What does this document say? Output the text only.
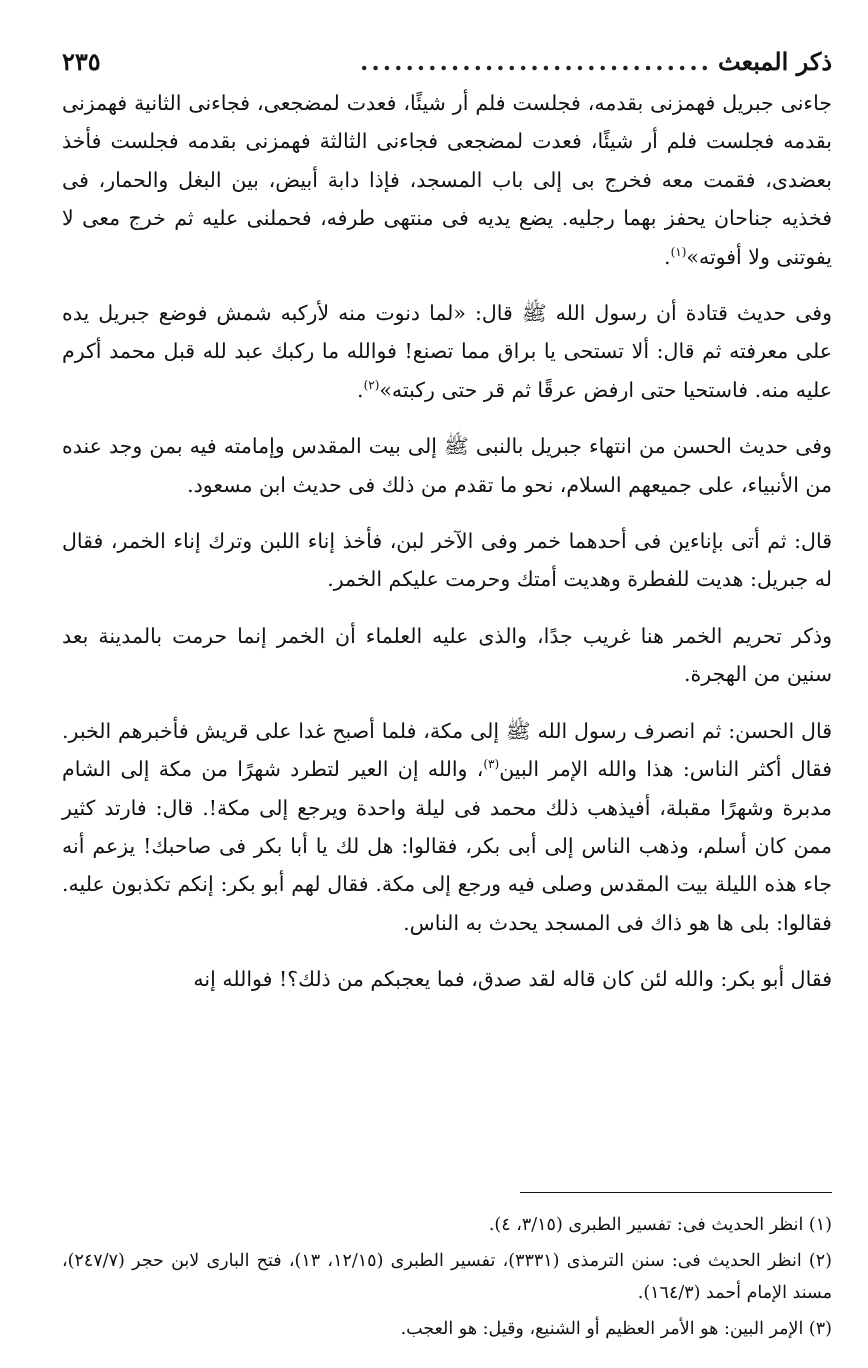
ذكر المبعث
...............................
٢٣٥

جاءنى جبريل فهمزنى بقدمه، فجلست فلم أر شيئًا، فعدت لمضجعى، فجاءنى الثانية فهمزنى بقدمه فجلست فلم أر شيئًا، فعدت لمضجعى فجاءنى الثالثة فهمزنى بقدمه فجلست فأخذ بعضدى، فقمت معه فخرج بى إلى باب المسجد، فإذا دابة أبيض، بين البغل والحمار، فى فخذيه جناحان يحفز بهما رجليه. يضع يديه فى منتهى طرفه، فحملنى عليه ثم خرج معى لا يفوتنى ولا أفوته»$^{(١)}$.

وفى حديث قتادة أن رسول الله ﷺ قال: «لما دنوت منه لأركبه شمش فوضع جبريل يده على معرفته ثم قال: ألا تستحى يا براق مما تصنع! فوالله ما ركبك عبد لله قبل محمد أكرم عليه منه. فاستحيا حتى ارفض عرقًا ثم قر حتى ركبته»$^{(٢)}$.

وفى حديث الحسن من انتهاء جبريل بالنبى ﷺ إلى بيت المقدس وإمامته فيه بمن وجد عنده من الأنبياء، على جميعهم السلام، نحو ما تقدم من ذلك فى حديث ابن مسعود.

قال: ثم أتى بإناءين فى أحدهما خمر وفى الآخر لبن، فأخذ إناء اللبن وترك إناء الخمر، فقال له جبريل: هديت للفطرة وهديت أمتك وحرمت عليكم الخمر.

وذكر تحريم الخمر هنا غريب جدًا، والذى عليه العلماء أن الخمر إنما حرمت بالمدينة بعد سنين من الهجرة.

قال الحسن: ثم انصرف رسول الله ﷺ إلى مكة، فلما أصبح غدا على قريش فأخبرهم الخبر. فقال أكثر الناس: هذا والله الإمر البين$^{(٣)}$، والله إن العير لتطرد شهرًا من مكة إلى الشام مدبرة وشهرًا مقبلة، أفيذهب ذلك محمد فى ليلة واحدة ويرجع إلى مكة!. قال: فارتد كثير ممن كان أسلم، وذهب الناس إلى أبى بكر، فقالوا: هل لك يا أبا بكر فى صاحبك! يزعم أنه جاء هذه الليلة بيت المقدس وصلى فيه ورجع إلى مكة. فقال لهم أبو بكر: إنكم تكذبون عليه. فقالوا: بلى ها هو ذاك فى المسجد يحدث به الناس.

فقال أبو بكر: والله لئن كان قاله لقد صدق، فما يعجبكم من ذلك؟! فوالله إنه

(١) انظر الحديث فى: تفسير الطبرى (٣/١٥، ٤).

(٢) انظر الحديث فى: سنن الترمذى (٣٣٣١)، تفسير الطبرى (١٢/١٥، ١٣)، فتح البارى لابن حجر (٢٤٧/٧)، مسند الإمام أحمد (١٦٤/٣).

(٣) الإمر البين: هو الأمر العظيم أو الشنيع، وقيل: هو العجب.
